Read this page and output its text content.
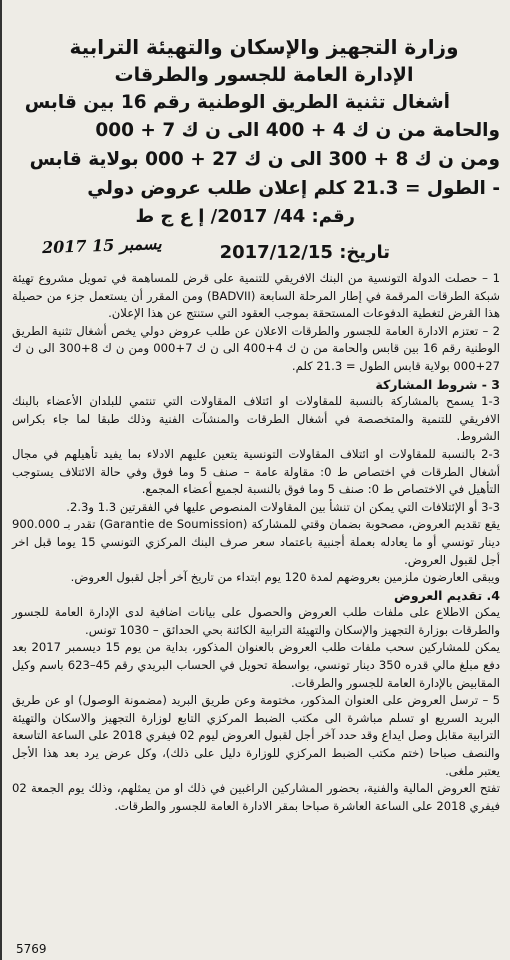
وزارة التجهيز والإسكان والتهيئة الترابية

الإدارة العامة للجسور والطرقات

أشغال تثنية الطريق الوطنية رقم 16 بين قابس
والحامة من ن ك 4 + 400 الى ن ك 7 + 000
ومن ن ك 8 + 300 الى ن ك 27 + 000 بولاية قابس
- الطول = 21.3 كلم إعلان طلب عروض دولي
رقم: 44/ 2017/ إ ع ج ط
2017 يسمبر 15	تاريخ: 2017/12/15
1 – حصلت الدولة التونسية من البنك الافريقي للتنمية على قرض للمساهمة في تمويل مشروع تهيئة شبكة الطرقات المرقمة في إطار المرحلة السابعة (BADVII) ومن المقرر أن يستعمل جزء من حصيلة هذا القرض لتغطية الدفوعات المستحقة بموجب العقود التي ستنتج عن هذا الإعلان.
2 – تعتزم الادارة العامة للجسور والطرقات الاعلان عن طلب عروض دولي يخص أشغال تثنية الطريق الوطنية رقم 16 بين قابس والحامة من ن ك 4+400 الى ن ك 7+000 ومن ن ك 8+300 الى ن ك 27+000 بولاية قابس الطول = 21.3 كلم.
3 - شروط المشاركة
1-3 يسمح بالمشاركة بالنسبة للمقاولات او ائتلاف المقاولات التي تنتمي للبلدان الأعضاء بالبنك الافريقي للتنمية والمتخصصة في أشغال الطرقات والمنشآت الفنية وذلك طبقا لما جاء بكراس الشروط.
2-3 بالنسبة للمقاولات او ائتلاف المقاولات التونسية يتعين عليهم الادلاء بما يفيد تأهيلهم في مجال أشغال الطرقات في اختصاص ط 0: مقاولة عامة – صنف 5 وما فوق وفي حالة الائتلاف يستوجب التأهيل في الاختصاص ط 0: صنف 5 وما فوق بالنسبة لجميع أعضاء المجمع.
3-3 أو الإئتلافات التي يمكن ان تنشأ بين المقاولات المنصوص عليها في الفقرتين 1.3 و2.3.
يقع تقديم العروض، مصحوبة بضمان وقتي للمشاركة (Garantie de Soumission) تقدر بـ 900.000 دينار تونسي أو ما يعادله بعملة أجنبية باعتماد سعر صرف البنك المركزي التونسي 15 يوما قبل اخر أجل لقبول العروض.
ويبقى العارضون ملزمين بعروضهم لمدة 120 يوم ابتداء من تاريخ آخر أجل لقبول العروض.
4. تقديم العروض
يمكن الاطلاع على ملفات طلب العروض والحصول على بيانات اضافية لدى الإدارة العامة للجسور والطرقات بوزارة التجهيز والإسكان والتهيئة الترابية الكائنة بحي الحدائق – 1030 تونس.
يمكن للمشاركين سحب ملفات طلب العروض بالعنوان المذكور، بداية من يوم 15 ديسمبر 2017 بعد دفع مبلغ مالي قدره 350 دينار تونسي، بواسطة تحويل في الحساب البريدي رقم 45–623 باسم وكيل المقابيض بالإدارة العامة للجسور والطرقات.
5 – ترسل العروض على العنوان المذكور، مختومة وعن طريق البريد (مضمونة الوصول) او عن طريق البريد السريع او تسلم مباشرة الى مكتب الضبط المركزي التابع لوزارة التجهيز والاسكان والتهيئة الترابية مقابل وصل ايداع وقد حدد آخر أجل لقبول العروض ليوم 02 فيفري 2018 على الساعة التاسعة والنصف صباحا (ختم مكتب الضبط المركزي للوزارة دليل على ذلك)، وكل عرض يرد بعد هذا الأجل يعتبر ملغى.
تفتح العروض المالية والفنية، بحضور المشاركين الراغبين في ذلك او من يمثلهم، وذلك يوم الجمعة 02 فيفري 2018 على الساعة العاشرة صباحا بمقر الادارة العامة للجسور والطرقات.
5769
